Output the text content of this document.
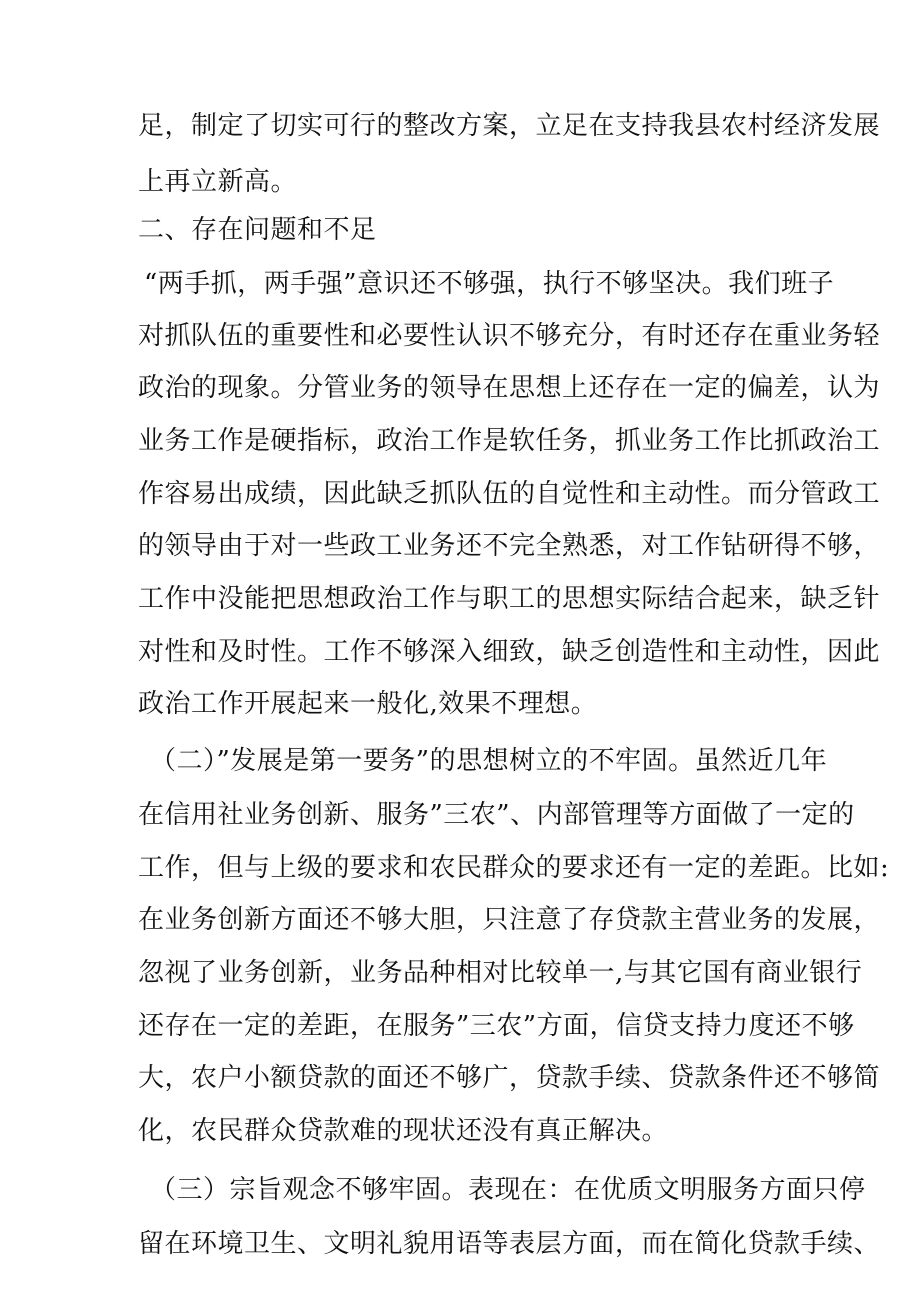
足，制定了切实可行的整改方案，立足在支持我县农村经济发展
上再立新高。
二、存在问题和不足
“两手抓，两手强”意识还不够强，执行不够坚决。我们班子
对抓队伍的重要性和必要性认识不够充分，有时还存在重业务轻
政治的现象。分管业务的领导在思想上还存在一定的偏差，认为
业务工作是硬指标，政治工作是软任务，抓业务工作比抓政治工
作容易出成绩，因此缺乏抓队伍的自觉性和主动性。而分管政工
的领导由于对一些政工业务还不完全熟悉，对工作钻研得不够，
工作中没能把思想政治工作与职工的思想实际结合起来，缺乏针
对性和及时性。工作不够深入细致，缺乏创造性和主动性，因此
政治工作开展起来一般化,效果不理想。
（二）”发展是第一要务”的思想树立的不牢固。虽然近几年
在信用社业务创新、服务”三农”、内部管理等方面做了一定的
工作，但与上级的要求和农民群众的要求还有一定的差距。比如:
在业务创新方面还不够大胆，只注意了存贷款主营业务的发展，
忽视了业务创新，业务品种相对比较单一,与其它国有商业银行
还存在一定的差距，在服务”三农”方面，信贷支持力度还不够
大，农户小额贷款的面还不够广，贷款手续、贷款条件还不够简
化，农民群众贷款难的现状还没有真正解决。
（三）宗旨观念不够牢固。表现在：在优质文明服务方面只停
留在环境卫生、文明礼貌用语等表层方面，而在简化贷款手续、
